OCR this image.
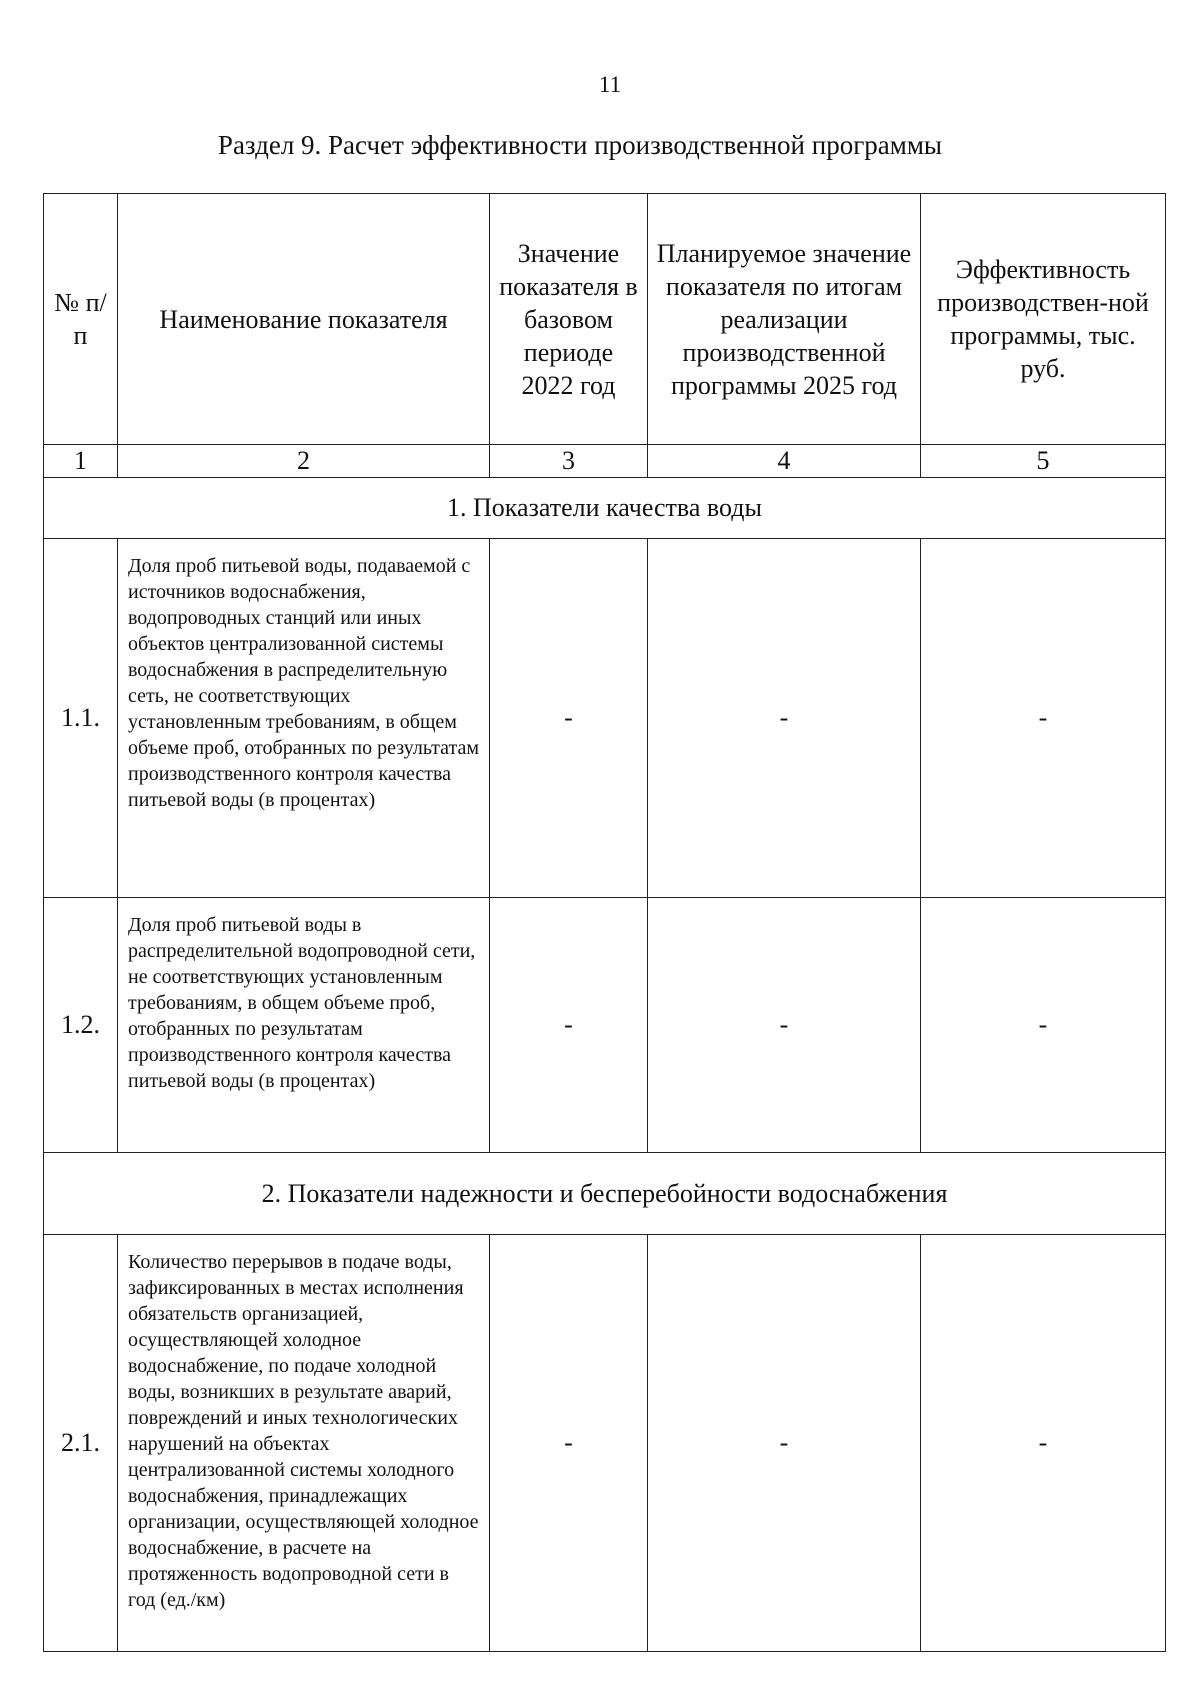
11
Раздел 9. Расчет эффективности производственной программы
№ п/п	Наименование показателя	Значение показателя в базовом периоде 2022 год	Планируемое значение показателя по итогам реализации производственной программы 2025 год	Эффективность производствен-ной программы, тыс. руб.
1	2	3	4	5
1. Показатели качества воды				
1.1.	Доля проб питьевой воды, подаваемой с источников водоснабжения, водопроводных станций или иных объектов централизованной системы водоснабжения в распределительную сеть, не соответствующих установленным требованиям, в общем объеме проб, отобранных по результатам производственного контроля качества питьевой воды (в процентах)	-	-	-
1.2.	Доля проб питьевой воды в распределительной водопроводной сети, не соответствующих установленным требованиям, в общем объеме проб, отобранных по результатам производственного контроля качества питьевой воды (в процентах)	-	-	-
2. Показатели надежности и бесперебойности водоснабжения				
2.1.	Количество перерывов в подаче воды, зафиксированных в местах исполнения обязательств организацией, осуществляющей холодное водоснабжение, по подаче холодной воды, возникших в результате аварий, повреждений и иных технологических нарушений на объектах централизованной системы холодного водоснабжения, принадлежащих организации, осуществляющей холодное водоснабжение, в расчете на протяженность водопроводной сети в год (ед./км)	-	-	-
